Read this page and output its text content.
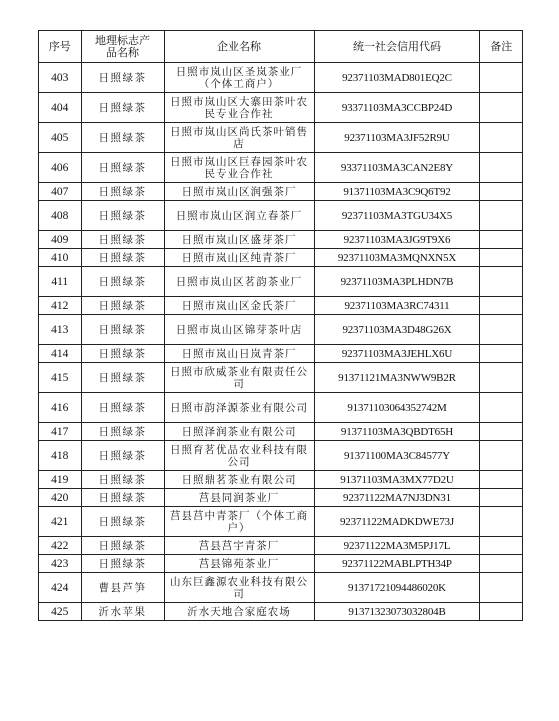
序号	地理标志产品名称	企业名称	统一社会信用代码	备注
403	日照绿茶	日照市岚山区圣岚茶业厂（个体工商户）	92371103MAD801EQ2C	
404	日照绿茶	日照市岚山区大寨田茶叶农民专业合作社	93371103MA3CCBP24D	
405	日照绿茶	日照市岚山区尚氏茶叶销售店	92371103MA3JF52R9U	
406	日照绿茶	日照市岚山区巨春园茶叶农民专业合作社	93371103MA3CAN2E8Y	
407	日照绿茶	日照市岚山区润强茶厂	91371103MA3C9Q6T92	
408	日照绿茶	日照市岚山区润立春茶厂	92371103MA3TGU34X5	
409	日照绿茶	日照市岚山区盛芽茶厂	92371103MA3JG9T9X6	
410	日照绿茶	日照市岚山区纯青茶厂	92371103MA3MQNXN5X	
411	日照绿茶	日照市岚山区茗韵茶业厂	92371103MA3PLHDN7B	
412	日照绿茶	日照市岚山区金氏茶厂	92371103MA3RC74311	
413	日照绿茶	日照市岚山区锦芽茶叶店	92371103MA3D48G26X	
414	日照绿茶	日照市岚山日岚青茶厂	92371103MA3JEHLX6U	
415	日照绿茶	日照市欣威茶业有限责任公司	91371121MA3NWW9B2R	
416	日照绿茶	日照市韵泽源茶业有限公司	91371103064352742M	
417	日照绿茶	日照泽润茶业有限公司	91371103MA3QBDT65H	
418	日照绿茶	日照育茗优品农业科技有限公司	91371100MA3C84577Y	
419	日照绿茶	日照鼎茗茶业有限公司	91371103MA3MX77D2U	
420	日照绿茶	莒县同润茶业厂	92371122MA7NJ3DN31	
421	日照绿茶	莒县莒中青茶厂（个体工商户）	92371122MADKDWE73J	
422	日照绿茶	莒县莒宇青茶厂	92371122MA3M5PJ17L	
423	日照绿茶	莒县锦苑茶业厂	92371122MABLPTH34P	
424	曹县芦笋	山东巨鑫源农业科技有限公司	91371721094486020K	
425	沂水苹果	沂水天地合家庭农场	91371323073032804B	
